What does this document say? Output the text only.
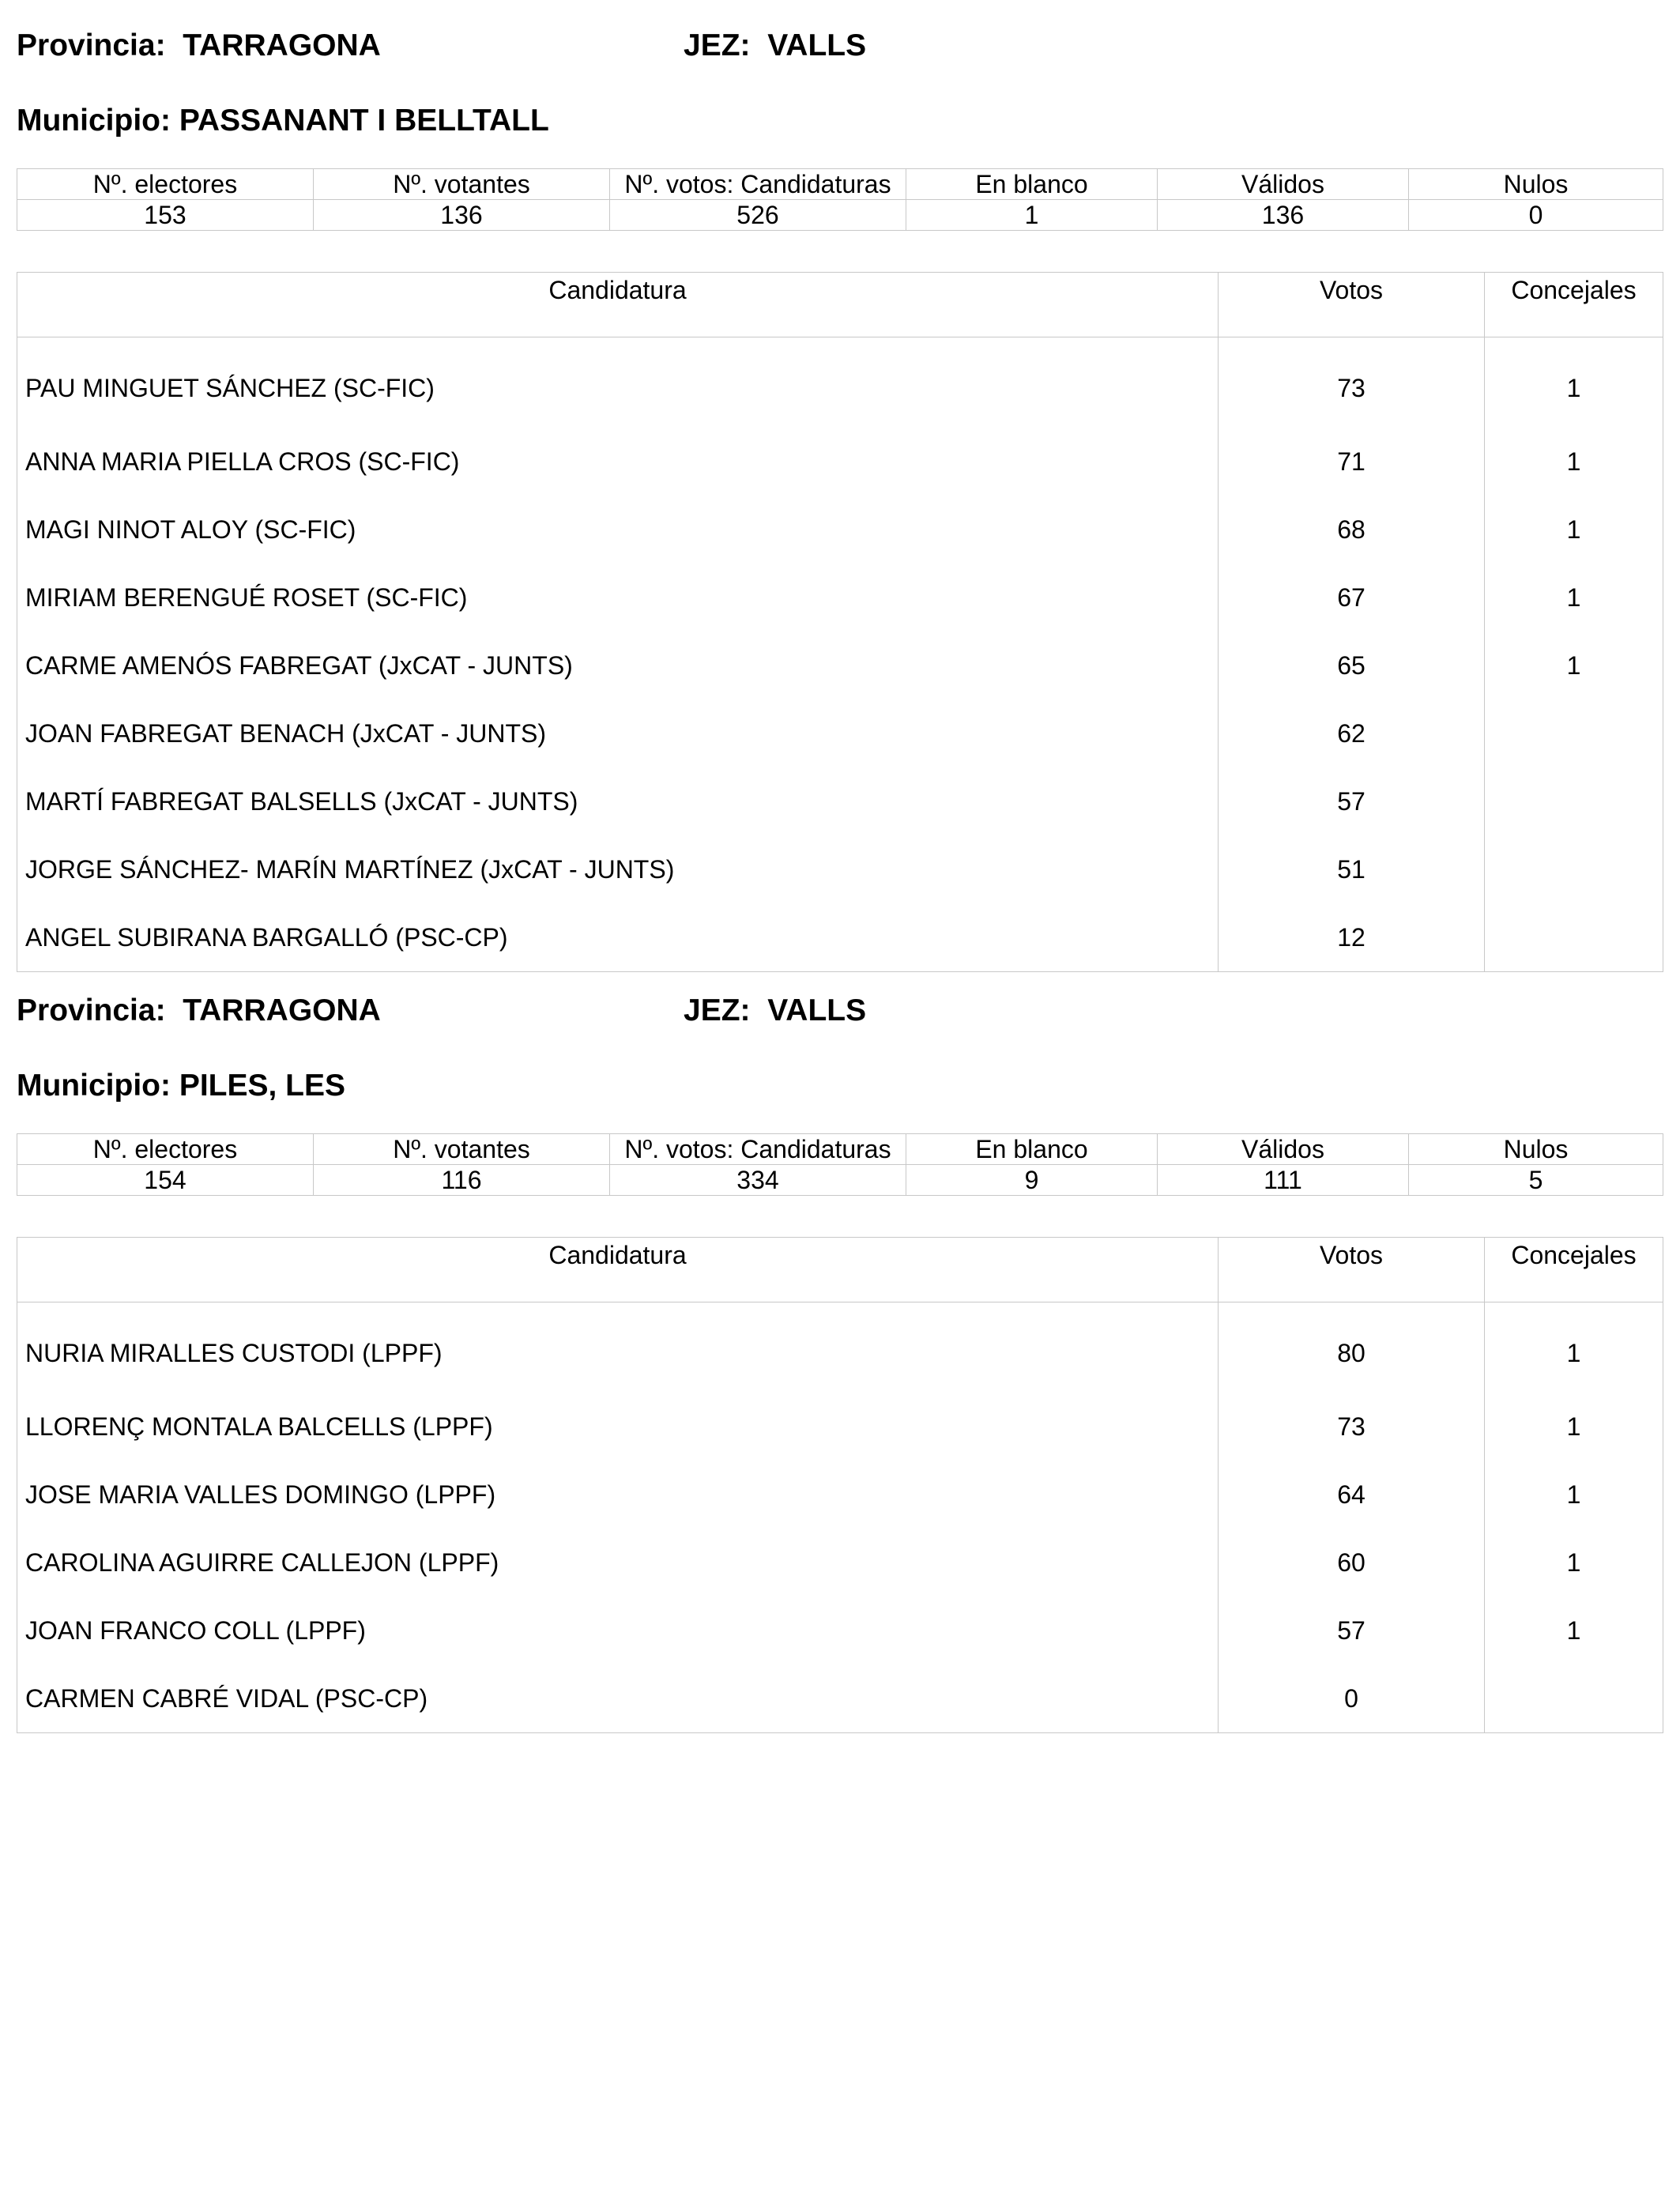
Provincia: TARRAGONA	JEZ: VALLS
Municipio: PASSANANT I BELLTALL
Nº. electores	Nº. votantes	Nº. votos: Candidaturas	En blanco	Válidos	Nulos
153	136	526	1	136	0
Candidatura	Votos	Concejales
PAU MINGUET SÁNCHEZ (SC-FIC)	73	1
ANNA MARIA PIELLA CROS (SC-FIC)	71	1
MAGI NINOT ALOY (SC-FIC)	68	1
MIRIAM BERENGUÉ ROSET (SC-FIC)	67	1
CARME AMENÓS FABREGAT (JxCAT - JUNTS)	65	1
JOAN FABREGAT BENACH (JxCAT - JUNTS)	62	
MARTÍ FABREGAT BALSELLS (JxCAT - JUNTS)	57	
JORGE SÁNCHEZ- MARÍN MARTÍNEZ (JxCAT - JUNTS)	51	
ANGEL SUBIRANA BARGALLÓ (PSC-CP)	12	
Provincia: TARRAGONA	JEZ: VALLS
Municipio: PILES, LES
Nº. electores	Nº. votantes	Nº. votos: Candidaturas	En blanco	Válidos	Nulos
154	116	334	9	111	5
Candidatura	Votos	Concejales
NURIA MIRALLES CUSTODI (LPPF)	80	1
LLORENÇ MONTALA BALCELLS (LPPF)	73	1
JOSE MARIA VALLES DOMINGO (LPPF)	64	1
CAROLINA AGUIRRE CALLEJON (LPPF)	60	1
JOAN FRANCO COLL (LPPF)	57	1
CARMEN CABRÉ VIDAL (PSC-CP)	0	
